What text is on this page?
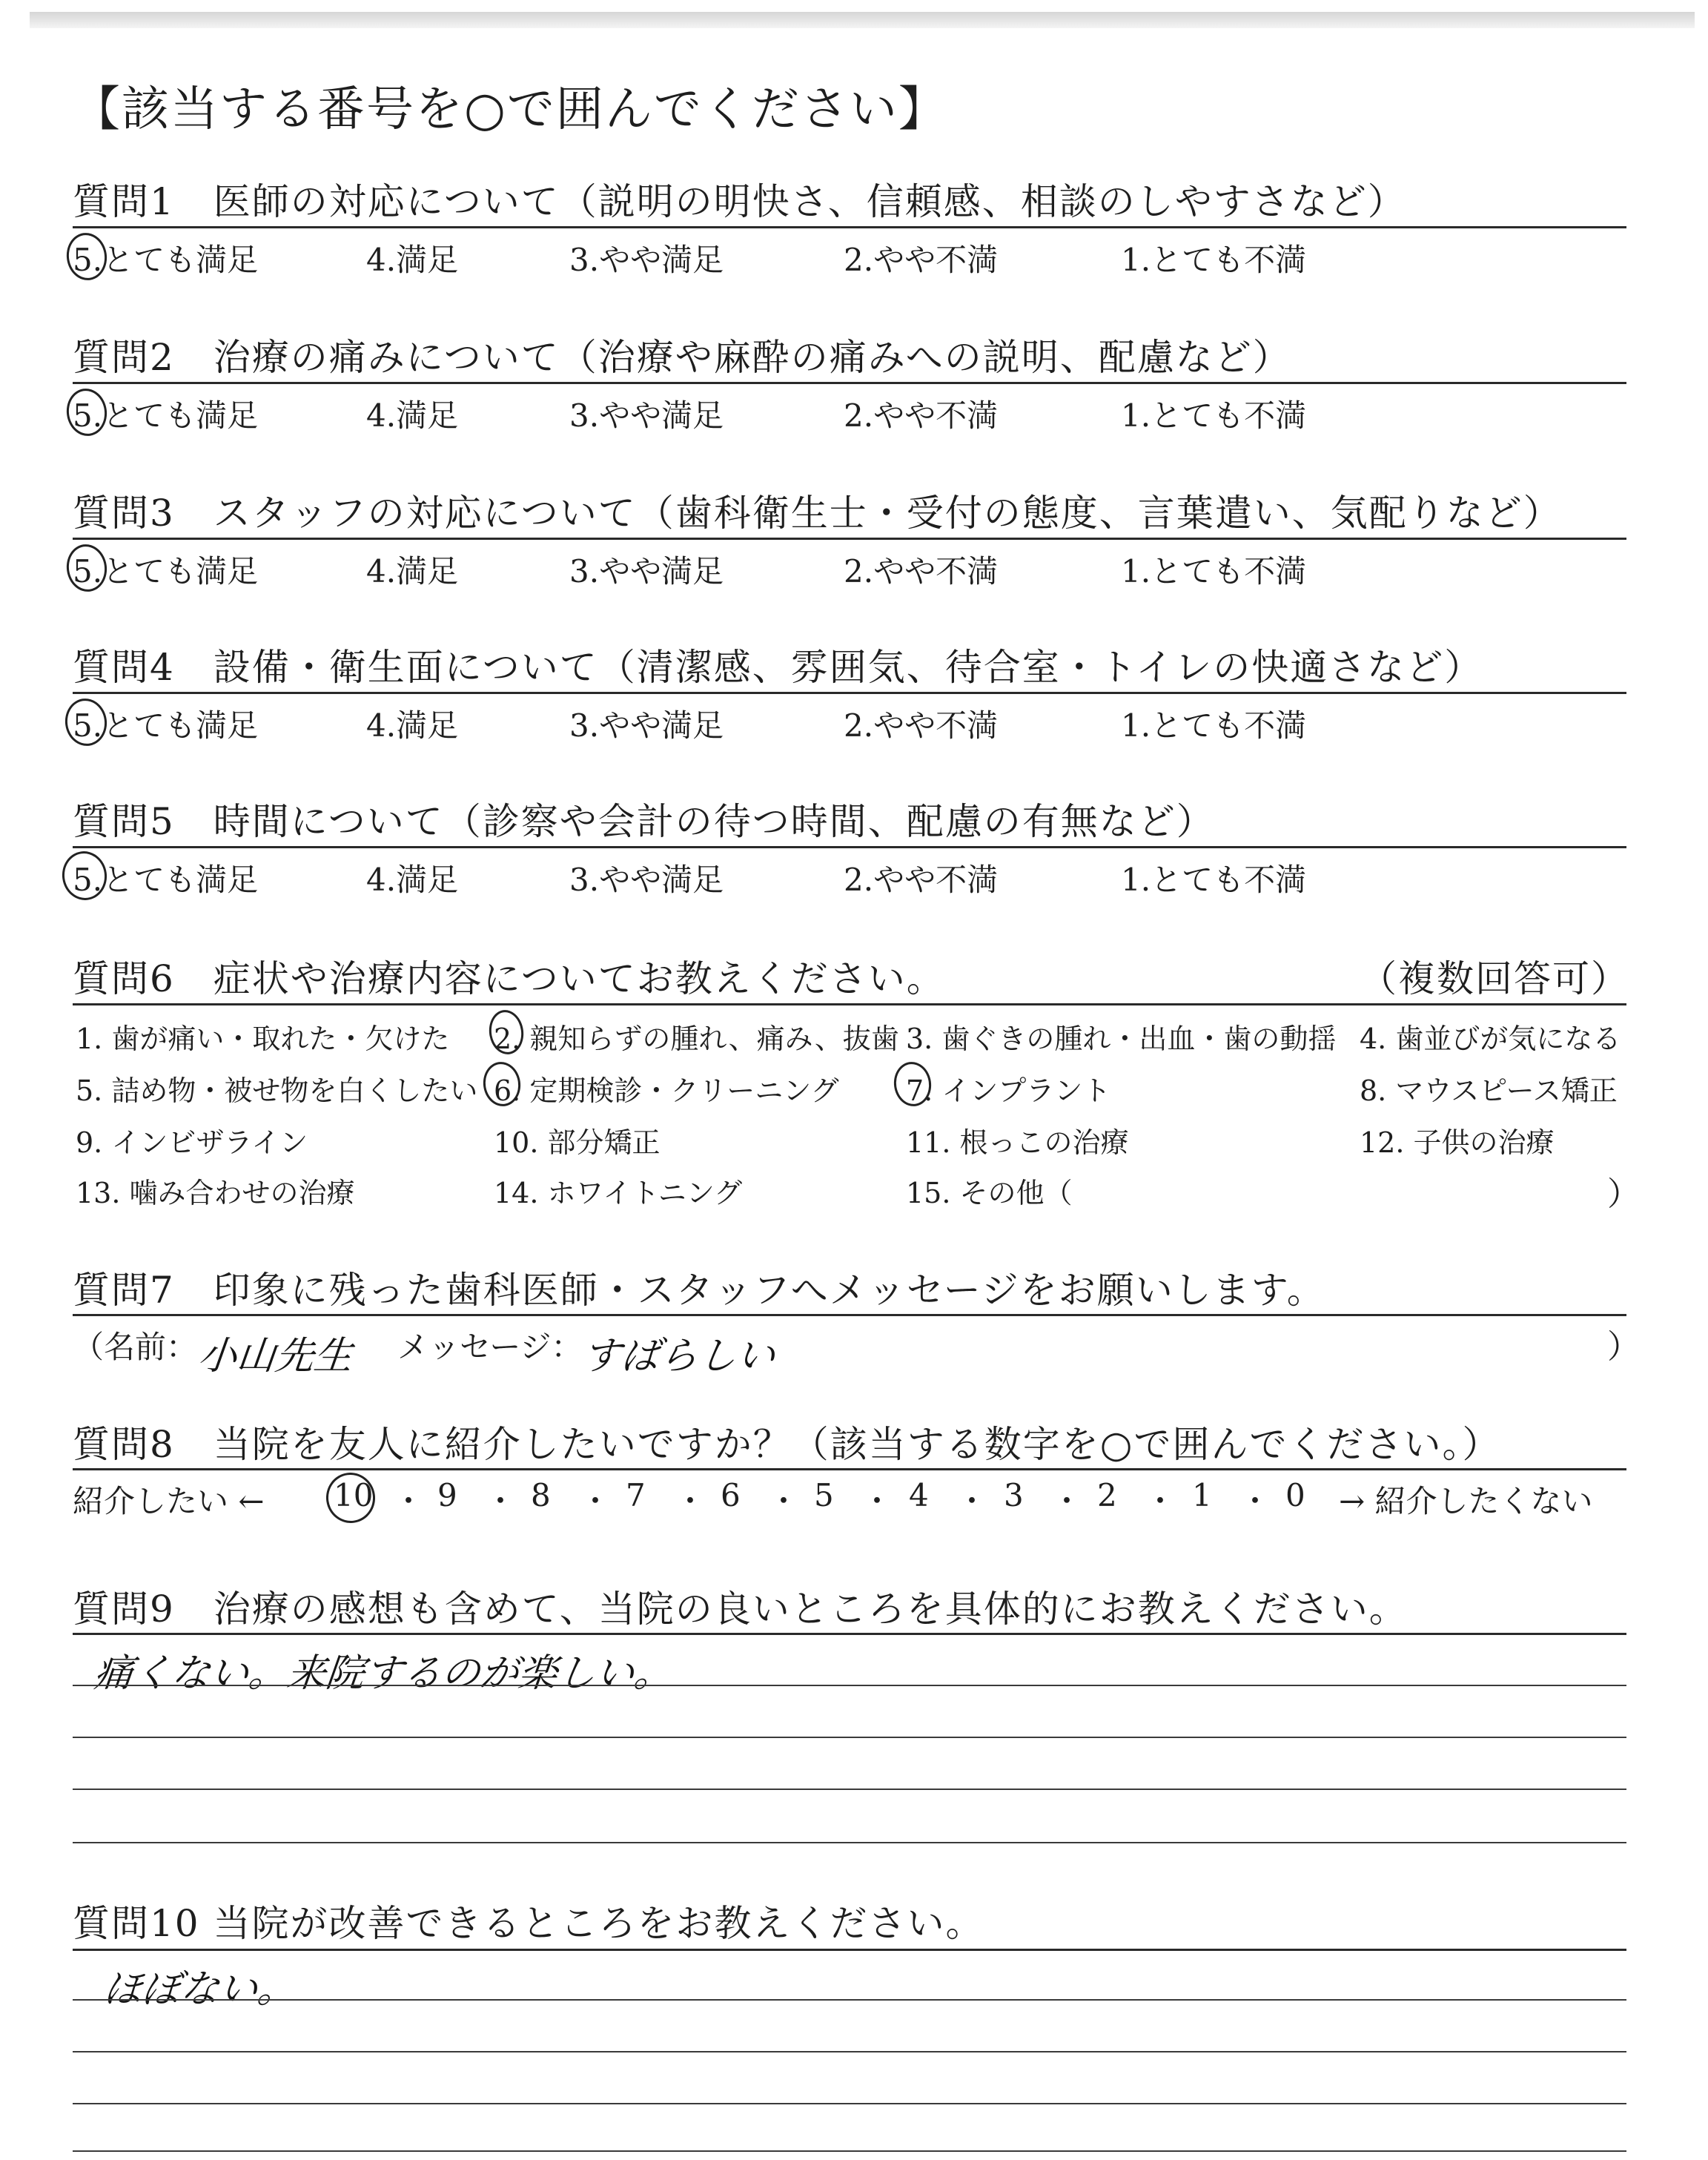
【該当する番号を○で囲んでください】
質問1　医師の対応について（説明の明快さ、信頼感、相談のしやすさなど）
5.とても満足	4.満足	3.やや満足	2.やや不満	1.とても不満
質問2　治療の痛みについて（治療や麻酔の痛みへの説明、配慮など）
5.とても満足	4.満足	3.やや満足	2.やや不満	1.とても不満
質問3　スタッフの対応について（歯科衛生士・受付の態度、言葉遣い、気配りなど）
5.とても満足	4.満足	3.やや満足	2.やや不満	1.とても不満
質問4　設備・衛生面について（清潔感、雰囲気、待合室・トイレの快適さなど）
5.とても満足	4.満足	3.やや満足	2.やや不満	1.とても不満
質問5　時間について（診察や会計の待つ時間、配慮の有無など）
5.とても満足	4.満足	3.やや満足	2.やや不満	1.とても不満
質問6　症状や治療内容についてお教えください。	（複数回答可）
1. 歯が痛い・取れた・欠けた 2. 親知らずの腫れ、痛み、抜歯 3. 歯ぐきの腫れ・出血・歯の動揺 4. 歯並びが気になる
5. 詰め物・被せ物を白くしたい 6. 定期検診・クリーニング 7. インプラント	8. マウスピース矯正
9. インビザライン	10. 部分矯正	11. 根っこの治療	12. 子供の治療
13. 噛み合わせの治療	14. ホワイトニング	15. その他（	）
質問7　印象に残った歯科医師・スタッフへメッセージをお願いします。
（名前：
小山先生 メッセージ：
すばらしい	）
質問8　当院を友人に紹介したいですか？（該当する数字を○で囲んでください。）
紹介したい ← 10 ・ 9 ・ 8 ・ 7 ・ 6 ・ 5 ・ 4 ・ 3 ・ 2 ・ 1 ・ 0 → 紹介したくない
質問9　治療の感想も含めて、当院の良いところを具体的にお教えください。
痛くない。来院するのが楽しい。
質問10 当院が改善できるところをお教えください。
ほぼない。
